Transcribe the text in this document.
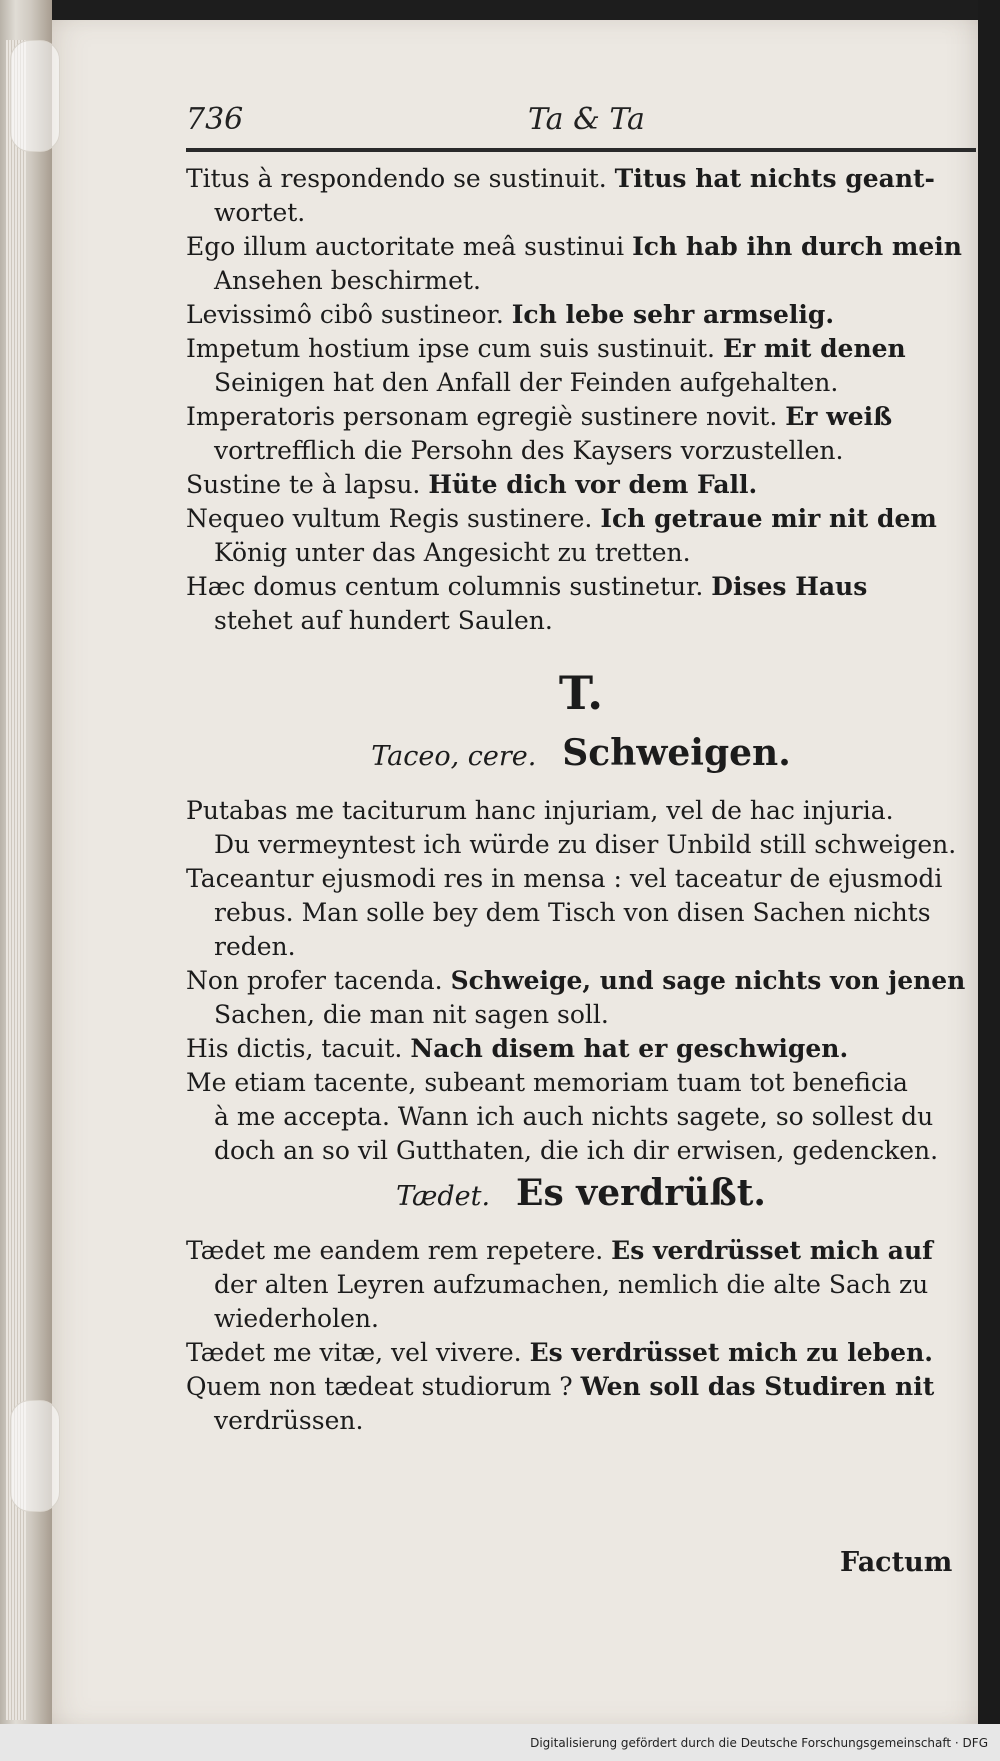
736	Ta & Ta

Titus à respondendo se sustinuit. Titus hat nichts geant-

wortet.

Ego illum auctoritate meâ sustinui Ich hab ihn durch mein

Ansehen beschirmet.

Levissimô cibô sustineor. Ich lebe sehr armselig.

Impetum hostium ipse cum suis sustinuit. Er mit denen

Seinigen hat den Anfall der Feinden aufgehalten.

Imperatoris personam egregiè sustinere novit. Er weiß

vortrefflich die Persohn des Kaysers vorzustellen.

Sustine te à lapsu. Hüte dich vor dem Fall.

Nequeo vultum Regis sustinere. Ich getraue mir nit dem

König unter das Angesicht zu tretten.

Hæc domus centum columnis sustinetur. Dises Haus

stehet auf hundert Saulen.
T.
Taceo, cere. Schweigen.

Putabas me taciturum hanc injuriam, vel de hac injuria.

Du vermeyntest ich würde zu diser Unbild still schweigen.

Taceantur ejusmodi res in mensa : vel taceatur de ejusmodi

rebus. Man solle bey dem Tisch von disen Sachen nichts reden.

Non profer tacenda. Schweige, und sage nichts von jenen

Sachen, die man nit sagen soll.

His dictis, tacuit. Nach disem hat er geschwigen.

Me etiam tacente, subeant memoriam tuam tot beneficia

à me accepta. Wann ich auch nichts sagete, so sollest du doch an so vil Gutthaten, die ich dir erwisen, gedencken.
Tædet. Es verdrüßt.

Tædet me eandem rem repetere. Es verdrüsset mich auf

der alten Leyren aufzumachen, nemlich die alte Sach zu wiederholen.

Tædet me vitæ, vel vivere. Es verdrüsset mich zu leben.

Quem non tædeat studiorum ? Wen soll das Studiren nit

verdrüssen.
Factum
Digitalisierung gefördert durch die Deutsche Forschungsgemeinschaft · DFG
